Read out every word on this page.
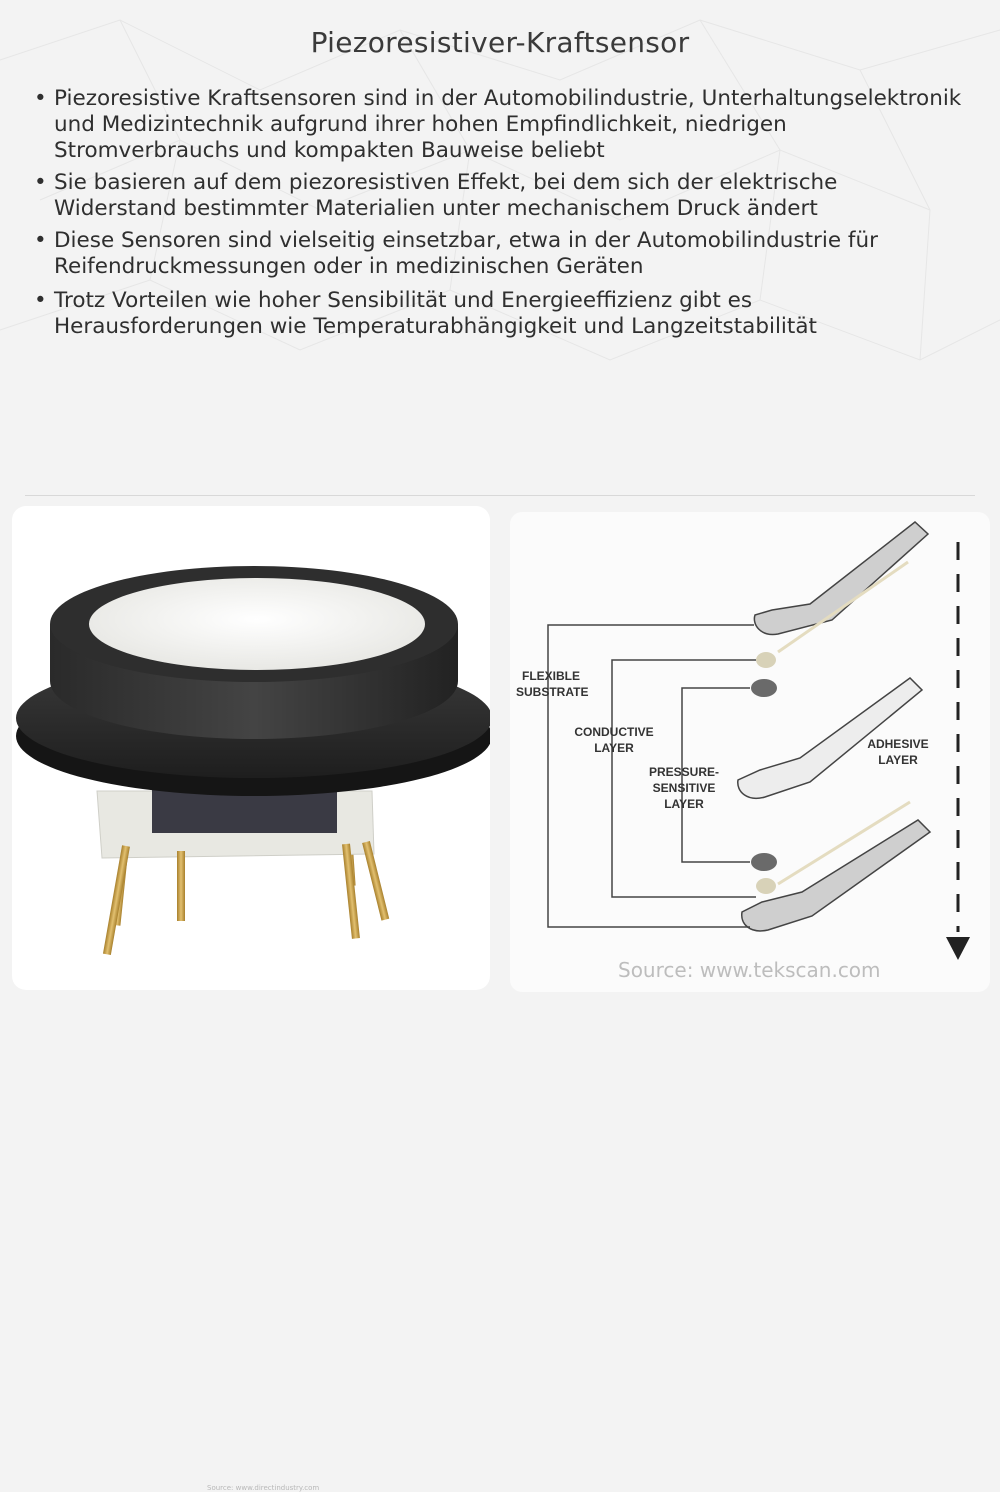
Piezoresistiver-Kraftsensor
• Piezoresistive Kraftsensoren sind in der Automobilindustrie, Unterhaltungselektronik und Medizintechnik aufgrund ihrer hohen Empfindlichkeit, niedrigen Stromverbrauchs und kompakten Bauweise beliebt
• Sie basieren auf dem piezoresistiven Effekt, bei dem sich der elektrische Widerstand bestimmter Materialien unter mechanischem Druck ändert
• Diese Sensoren sind vielseitig einsetzbar, etwa in der Automobilindustrie für Reifendruckmessungen oder in medizinischen Geräten
• Trotz Vorteilen wie hoher Sensibilität und Energieeffizienz gibt es Herausforderungen wie Temperaturabhängigkeit und Langzeitstabilität
Source: www.directindustry.com
FLEXIBLE
SUBSTRATE
CONDUCTIVE
LAYER
PRESSURE-
SENSITIVE
LAYER
ADHESIVE
LAYER
Source: www.tekscan.com
